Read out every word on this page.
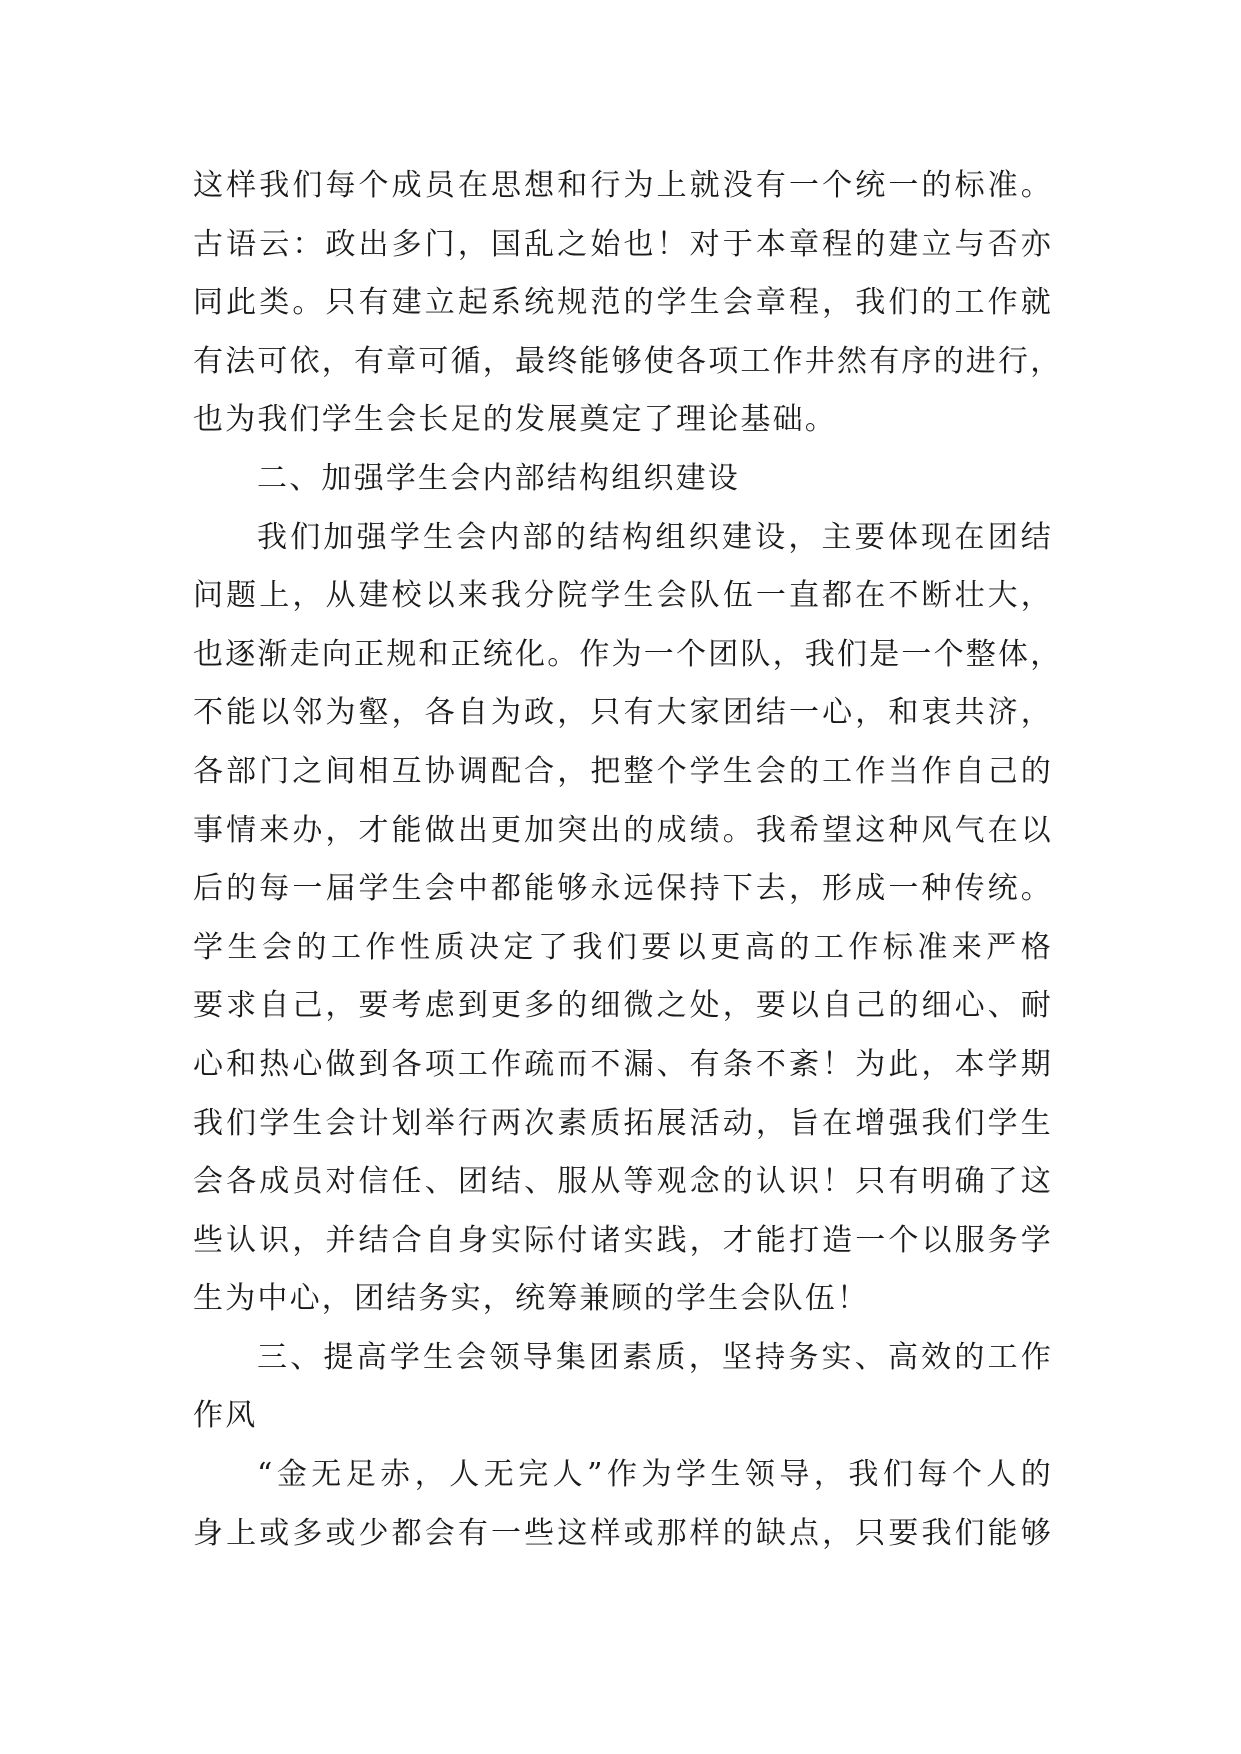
这样我们每个成员在思想和行为上就没有一个统一的标准。
古语云：政出多门，国乱之始也！对于本章程的建立与否亦
同此类。只有建立起系统规范的学生会章程，我们的工作就
有法可依，有章可循，最终能够使各项工作井然有序的进行，
也为我们学生会长足的发展奠定了理论基础。
二、加强学生会内部结构组织建设
我们加强学生会内部的结构组织建设，主要体现在团结
问题上，从建校以来我分院学生会队伍一直都在不断壮大，
也逐渐走向正规和正统化。作为一个团队，我们是一个整体，
不能以邻为壑，各自为政，只有大家团结一心，和衷共济，
各部门之间相互协调配合，把整个学生会的工作当作自己的
事情来办，才能做出更加突出的成绩。我希望这种风气在以
后的每一届学生会中都能够永远保持下去，形成一种传统。
学生会的工作性质决定了我们要以更高的工作标准来严格
要求自己，要考虑到更多的细微之处，要以自己的细心、耐
心和热心做到各项工作疏而不漏、有条不紊！为此，本学期
我们学生会计划举行两次素质拓展活动，旨在增强我们学生
会各成员对信任、团结、服从等观念的认识！只有明确了这
些认识，并结合自身实际付诸实践，才能打造一个以服务学
生为中心，团结务实，统筹兼顾的学生会队伍！
三、提高学生会领导集团素质，坚持务实、高效的工作
作风
“金无足赤，人无完人”作为学生领导，我们每个人的
身上或多或少都会有一些这样或那样的缺点，只要我们能够
